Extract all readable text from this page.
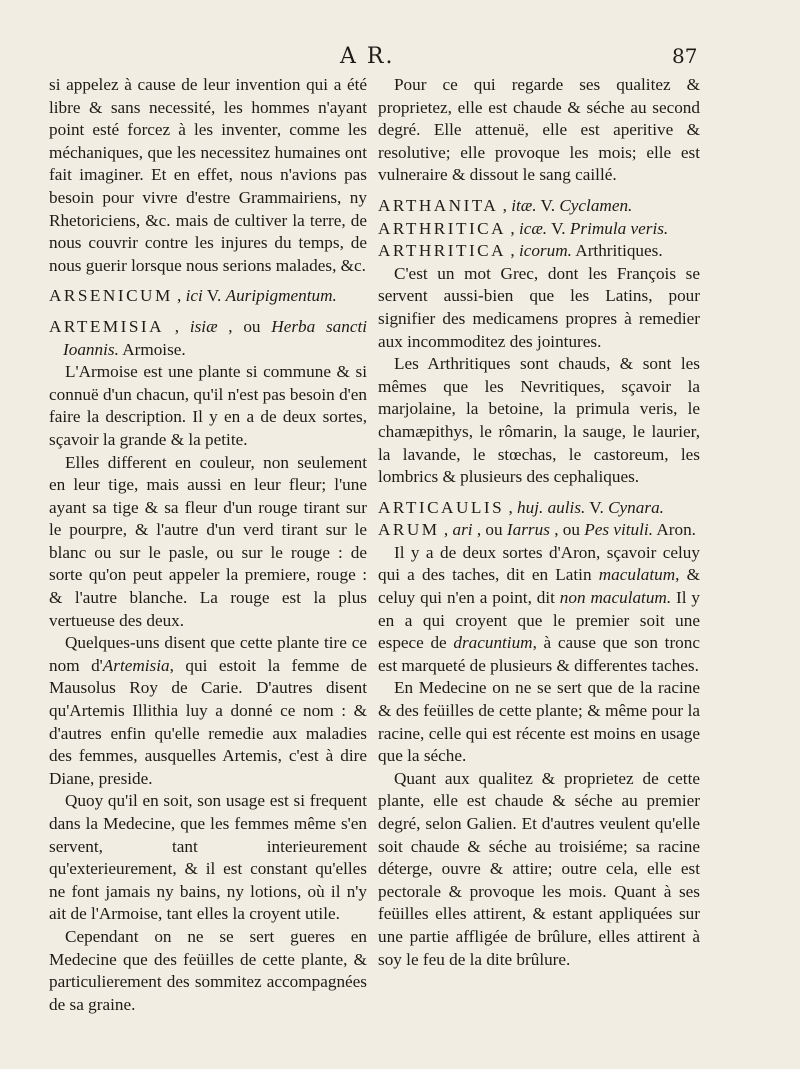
A R.	87

si appelez à cause de leur invention qui a été libre & sans necessité, les hommes n'ayant point esté forcez à les inventer, comme les méchaniques, que les necessitez humaines ont fait imaginer. Et en effet, nous n'avions pas besoin pour vivre d'estre Grammairiens, ny Rhetoriciens, &c. mais de cultiver la terre, de nous couvrir contre les injures du temps, de nous guerir lorsque nous serions malades, &c.

ARSENICUM , ici V. Auripigmentum.

ARTEMISIA , isiæ , ou Herba sancti Ioannis. Armoise.

L'Armoise est une plante si commune & si connuë d'un chacun, qu'il n'est pas besoin d'en faire la description. Il y en a de deux sortes, sçavoir la grande & la petite.

Elles different en couleur, non seulement en leur tige, mais aussi en leur fleur; l'une ayant sa tige & sa fleur d'un rouge tirant sur le pourpre, & l'autre d'un verd tirant sur le blanc ou sur le pasle, ou sur le rouge : de sorte qu'on peut appeler la premiere, rouge : & l'autre blanche. La rouge est la plus vertueuse des deux.

Quelques-uns disent que cette plante tire ce nom d'Artemisia, qui estoit la femme de Mausolus Roy de Carie. D'autres disent qu'Artemis Illithia luy a donné ce nom : & d'autres enfin qu'elle remedie aux maladies des femmes, ausquelles Artemis, c'est à dire Diane, preside.

Quoy qu'il en soit, son usage est si frequent dans la Medecine, que les femmes même s'en servent, tant interieurement qu'exterieurement, & il est constant qu'elles ne font jamais ny bains, ny lotions, où il n'y ait de l'Armoise, tant elles la croyent utile.

Cependant on ne se sert gueres en Medecine que des feüilles de cette plante, & particulierement des sommitez accompagnées de sa graine.

Pour ce qui regarde ses qualitez & proprietez, elle est chaude & séche au second degré. Elle attenuë, elle est aperitive & resolutive; elle provoque les mois; elle est vulneraire & dissout le sang caillé.

ARTHANITA , itæ. V. Cyclamen.

ARTHRITICA , icæ. V. Primula veris.

ARTHRITICA , icorum. Arthritiques.

C'est un mot Grec, dont les François se servent aussi-bien que les Latins, pour signifier des medicamens propres à remedier aux incommoditez des jointures.

Les Arthritiques sont chauds, & sont les mêmes que les Nevritiques, sçavoir la marjolaine, la betoine, la primula veris, le chamæpithys, le rômarin, la sauge, le laurier, la lavande, le stœchas, le castoreum, les lombrics & plusieurs des cephaliques.

ARTICAULIS , huj. aulis. V. Cynara.

ARUM , ari , ou Iarrus , ou Pes vituli. Aron.

Il y a de deux sortes d'Aron, sçavoir celuy qui a des taches, dit en Latin maculatum, & celuy qui n'en a point, dit non maculatum. Il y en a qui croyent que le premier soit une espece de dracuntium, à cause que son tronc est marqueté de plusieurs & differentes taches.

En Medecine on ne se sert que de la racine & des feüilles de cette plante; & même pour la racine, celle qui est récente est moins en usage que la séche.

Quant aux qualitez & proprietez de cette plante, elle est chaude & séche au premier degré, selon Galien. Et d'autres veulent qu'elle soit chaude & séche au troisiéme; sa racine déterge, ouvre & attire; outre cela, elle est pectorale & provoque les mois. Quant à ses feüilles elles attirent, & estant appliquées sur une partie affligée de brûlure, elles attirent à soy le feu de la dite brûlure.
